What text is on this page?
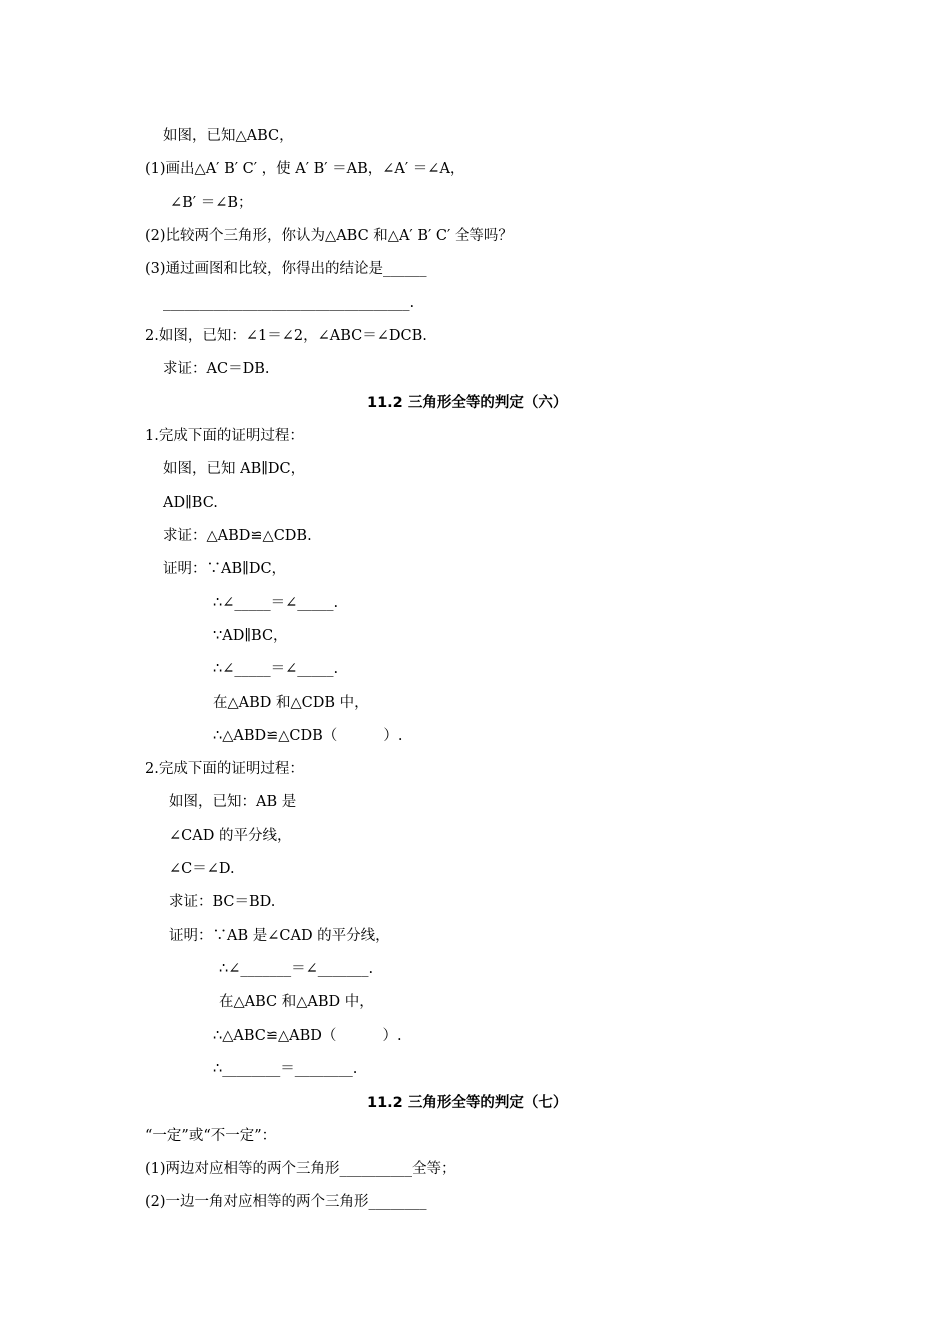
如图，已知△ABC，
(1)画出△A′ B′ C′ ，使 A′ B′ ＝AB，∠A′ ＝∠A，
∠B′ ＝∠B；
(2)比较两个三角形，你认为△ABC 和△A′ B′ C′ 全等吗？
(3)通过画图和比较，你得出的结论是______
__________________________________.
2.如图，已知：∠1＝∠2，∠ABC＝∠DCB.
求证：AC＝DB.
11.2 三角形全等的判定（六）
1.完成下面的证明过程：
如图，已知 AB∥DC，
AD∥BC.
求证：△ABD≌△CDB.
证明：∵AB∥DC，
∴∠_____＝∠_____.
∵AD∥BC，
∴∠_____＝∠_____.
在△ABD 和△CDB 中，
∴△ABD≌△CDB（          ）.
2.完成下面的证明过程：
如图，已知：AB 是
∠CAD 的平分线，
∠C＝∠D.
求证：BC＝BD.
证明：∵AB 是∠CAD 的平分线，
∴∠_______＝∠_______.
在△ABC 和△ABD 中，
∴△ABC≌△ABD（          ）.
∴________＝________.
11.2 三角形全等的判定（七）
“一定”或“不一定”：
(1)两边对应相等的两个三角形__________全等；
(2)一边一角对应相等的两个三角形________
